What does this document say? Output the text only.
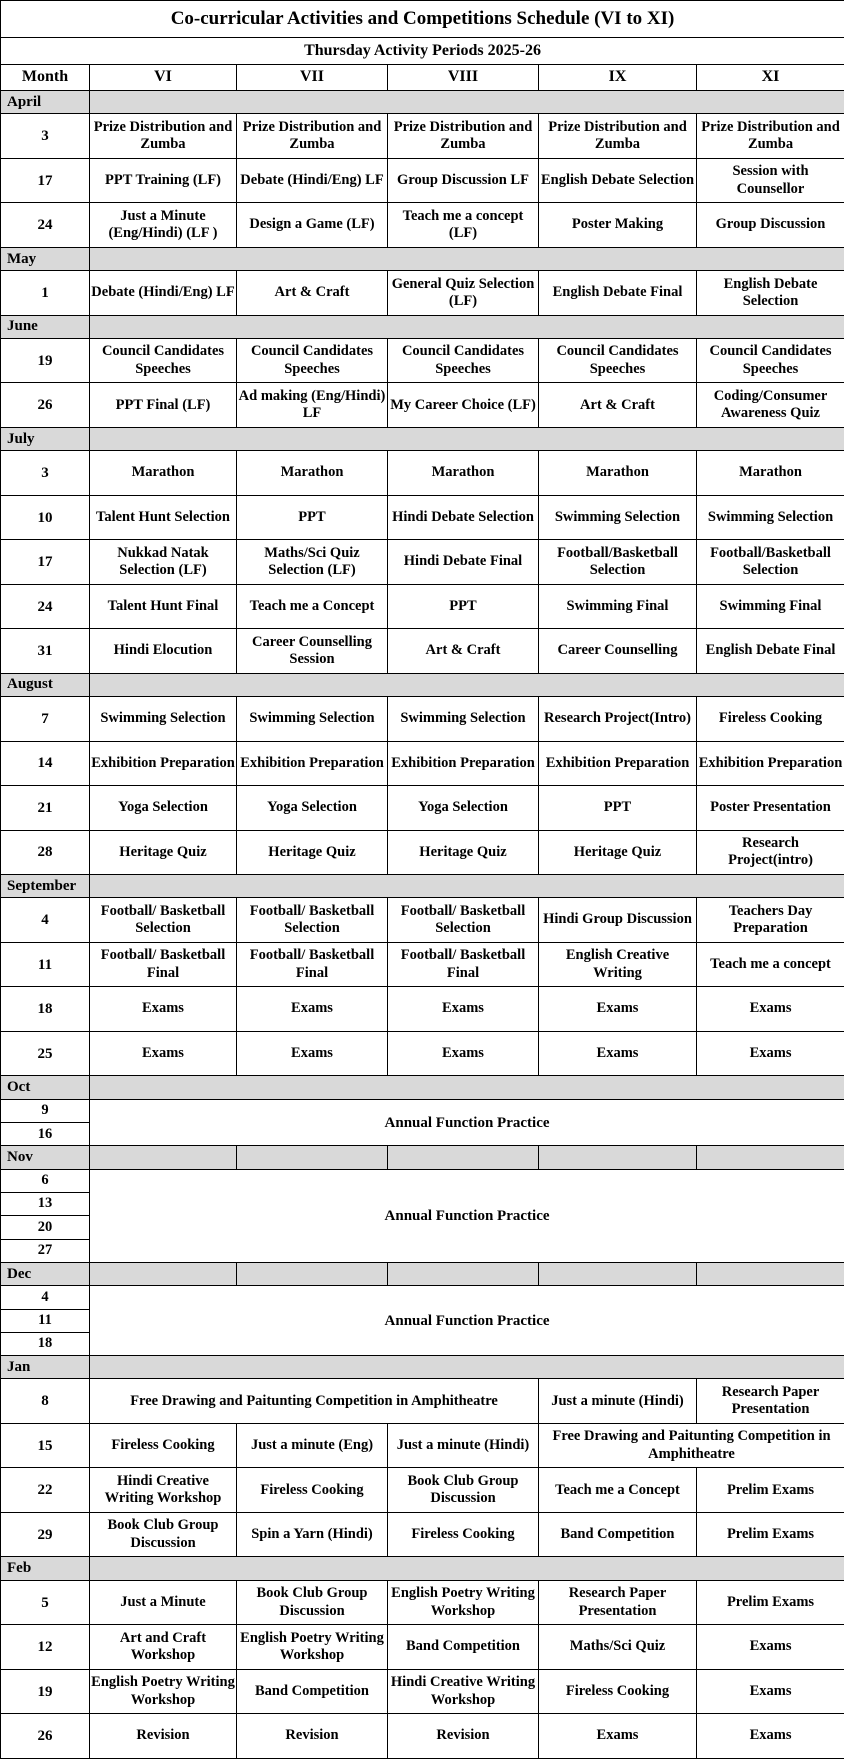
Co-curricular Activities and Competitions Schedule (VI to XI)					
Thursday Activity Periods 2025-26					
Month	VI	VII	VIII	IX	XI
April					
3	Prize Distribution and Zumba	Prize Distribution and Zumba	Prize Distribution and Zumba	Prize Distribution and Zumba	Prize Distribution and Zumba
17	PPT Training (LF)	Debate (Hindi/Eng) LF	Group Discussion LF	English Debate Selection	Session with Counsellor
24	Just a Minute (Eng/Hindi) (LF )	Design a Game (LF)	Teach me a concept (LF)	Poster Making	Group Discussion
May					
1	Debate (Hindi/Eng) LF	Art & Craft	General Quiz Selection (LF)	English Debate Final	English Debate Selection
June					
19	Council Candidates Speeches	Council Candidates Speeches	Council Candidates Speeches	Council Candidates Speeches	Council Candidates Speeches
26	PPT Final (LF)	Ad making (Eng/Hindi) LF	My Career Choice (LF)	Art & Craft	Coding/Consumer Awareness Quiz
July					
3	Marathon	Marathon	Marathon	Marathon	Marathon
10	Talent Hunt Selection	PPT	Hindi Debate Selection	Swimming Selection	Swimming Selection
17	Nukkad Natak Selection (LF)	Maths/Sci Quiz Selection (LF)	Hindi Debate Final	Football/Basketball Selection	Football/Basketball Selection
24	Talent Hunt Final	Teach me a Concept	PPT	Swimming Final	Swimming Final
31	Hindi Elocution	Career Counselling Session	Art & Craft	Career Counselling	English Debate Final
August					
7	Swimming Selection	Swimming Selection	Swimming Selection	Research Project(Intro)	Fireless Cooking
14	Exhibition Preparation	Exhibition Preparation	Exhibition Preparation	Exhibition Preparation	Exhibition Preparation
21	Yoga Selection	Yoga Selection	Yoga Selection	PPT	Poster Presentation
28	Heritage Quiz	Heritage Quiz	Heritage Quiz	Heritage Quiz	Research Project(intro)
September					
4	Football/ Basketball Selection	Football/ Basketball Selection	Football/ Basketball Selection	Hindi Group Discussion	Teachers Day Preparation
11	Football/ Basketball Final	Football/ Basketball Final	Football/ Basketball Final	English Creative Writing	Teach me a concept
18	Exams	Exams	Exams	Exams	Exams
25	Exams	Exams	Exams	Exams	Exams
Oct					
9	Annual Function Practice				
16					
Nov					
6	Annual Function Practice				
13					
20					
27					
Dec					
4	Annual Function Practice				
11					
18					
Jan					
8	Free Drawing and Paitunting Competition in Amphitheatre			Just a minute (Hindi)	Research Paper Presentation
15	Fireless Cooking	Just a minute (Eng)	Just a minute (Hindi)	Free Drawing and Paitunting Competition in Amphitheatre	
22	Hindi Creative Writing Workshop	Fireless Cooking	Book Club Group Discussion	Teach me a Concept	Prelim Exams
29	Book Club Group Discussion	Spin a Yarn (Hindi)	Fireless Cooking	Band Competition	Prelim Exams
Feb					
5	Just a Minute	Book Club Group Discussion	English Poetry Writing Workshop	Research Paper Presentation	Prelim Exams
12	Art and Craft Workshop	English Poetry Writing Workshop	Band Competition	Maths/Sci Quiz	Exams
19	English Poetry Writing Workshop	Band Competition	Hindi Creative Writing Workshop	Fireless Cooking	Exams
26	Revision	Revision	Revision	Exams	Exams
